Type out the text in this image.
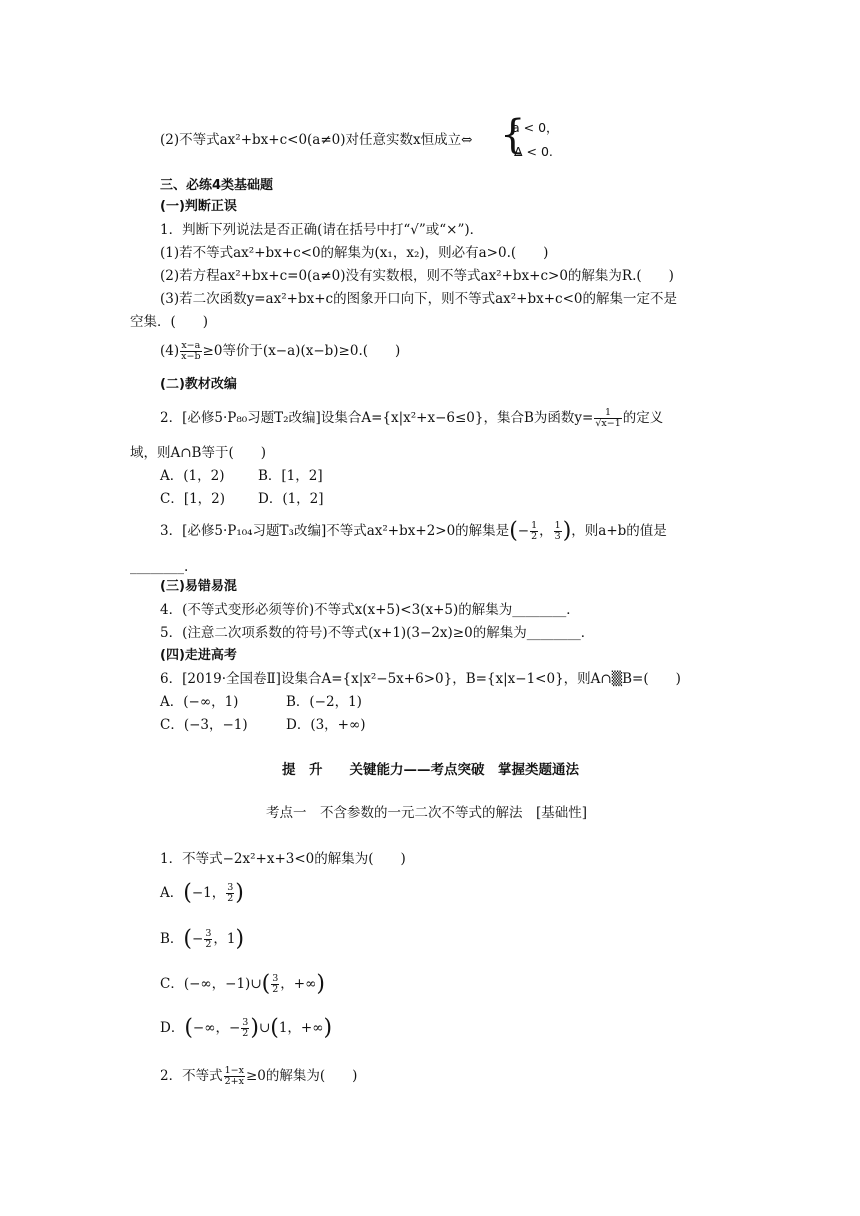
(2)不等式ax²+bx+c<0(a≠0)对任意实数x恒成立⇔ {
a < 0，
Δ < 0.
三、必练4类基础题
(一)判断正误
1．判断下列说法是否正确(请在括号中打“√”或“×”)．
(1)若不等式ax²+bx+c<0的解集为(x₁，x₂)，则必有a>0.(　　)
(2)若方程ax²+bx+c=0(a≠0)没有实数根，则不等式ax²+bx+c>0的解集为R.(　　)
(3)若二次函数y=ax²+bx+c的图象开口向下，则不等式ax²+bx+c<0的解集一定不是
空集．(　　)
$(4) \frac{x-a}{x-b} \ge 0$等价于(x−a)(x−b)≥0.(　　)
(二)教材改编
2．[必修5·P₈₀习题T₂改编]设集合A={x|x²+x−6≤0}，集合B为函数$y= \frac{1}{√x-1}$ 的定义
域，则A∩B等于(　　)
A．(1，2) B．[1，2]
C．[1，2) D．(1，2]
3．[必修5·P₁₀₄习题T₃改编]不等式ax²+bx+2>0的解集是(− $\frac{1}{2}$ ， $\frac{1}{3}$ )，则a+b的值是
________.
(三)易错易混
4．(不等式变形必须等价)不等式x(x+5)<3(x+5)的解集为________．
5．(注意二次项系数的符号)不等式(x+1)(3−2x)≥0的解集为________．
(四)走进高考
6．[2019·全国卷Ⅱ]设集合A={x|x²−5x+6>0}，B={x|x−1<0}，则A∩▒B=(　　)
A．(−∞，1)	B．(−2，1)
C．(−3，−1)	D．(3，+∞)
提　升　　关键能力——考点突破　掌握类题通法
考点一　不含参数的一元二次不等式的解法　[基础性]
1．不等式−2x²+x+3<0的解集为(　　)
A．(−1， $\frac{3}{2}$ )
B．(− $\frac{3}{2}$ ，1)
C．(−∞，−1)∪( $\frac{3}{2}$ ，+∞)
D．(−∞，− $\frac{3}{2}$ )∪(1，+∞)
2．不等式 $\frac{1-x}{2+x} \ge 0$的解集为(　　)
